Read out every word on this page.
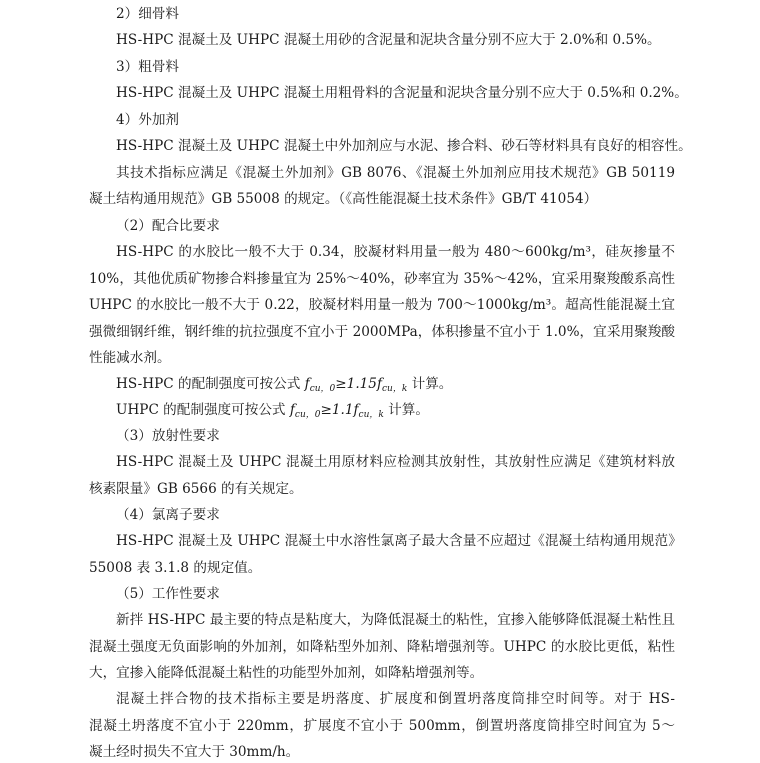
2）细骨料
HS-HPC 混凝土及 UHPC 混凝土用砂的含泥量和泥块含量分别不应大于 2.0%和 0.5%。
3）粗骨料
HS-HPC 混凝土及 UHPC 混凝土用粗骨料的含泥量和泥块含量分别不应大于 0.5%和 0.2%。
4）外加剂
HS-HPC 混凝土及 UHPC 混凝土中外加剂应与水泥、掺合料、砂石等材料具有良好的相容性。
其技术指标应满足《混凝土外加剂》GB 8076、《混凝土外加剂应用技术规范》GB 50119
凝土结构通用规范》GB 55008 的规定。（《高性能混凝土技术条件》GB/T 41054）
（2）配合比要求
HS-HPC 的水胶比一般不大于 0.34，胶凝材料用量一般为 480～600kg/m³，硅灰掺量不
10%，其他优质矿物掺合料掺量宜为 25%～40%，砂率宜为 35%～42%，宜采用聚羧酸系高性
UHPC 的水胶比一般不大于 0.22，胶凝材料用量一般为 700～1000kg/m³。超高性能混凝土宜
强微细钢纤维，钢纤维的抗拉强度不宜小于 2000MPa，体积掺量不宜小于 1.0%，宜采用聚羧酸
性能减水剂。
HS-HPC 的配制强度可按公式 $f_{cu,0}\ge 1.15f_{cu,k}$ 计算。
UHPC 的配制强度可按公式 $f_{cu,0}\ge 1.1f_{cu,k}$ 计算。
（3）放射性要求
HS-HPC 混凝土及 UHPC 混凝土用原材料应检测其放射性，其放射性应满足《建筑材料放
核素限量》GB 6566 的有关规定。
（4）氯离子要求
HS-HPC 混凝土及 UHPC 混凝土中水溶性氯离子最大含量不应超过《混凝土结构通用规范》
55008 表 3.1.8 的规定值。
（5）工作性要求
新拌 HS-HPC 最主要的特点是粘度大，为降低混凝土的粘性，宜掺入能够降低混凝土粘性且
混凝土强度无负面影响的外加剂，如降粘型外加剂、降粘增强剂等。UHPC 的水胶比更低，粘性
大，宜掺入能降低混凝土粘性的功能型外加剂，如降粘增强剂等。
混凝土拌合物的技术指标主要是坍落度、扩展度和倒置坍落度筒排空时间等。对于 HS-
混凝土坍落度不宜小于 220mm，扩展度不宜小于 500mm，倒置坍落度筒排空时间宜为 5～
凝土经时损失不宜大于 30mm/h。
